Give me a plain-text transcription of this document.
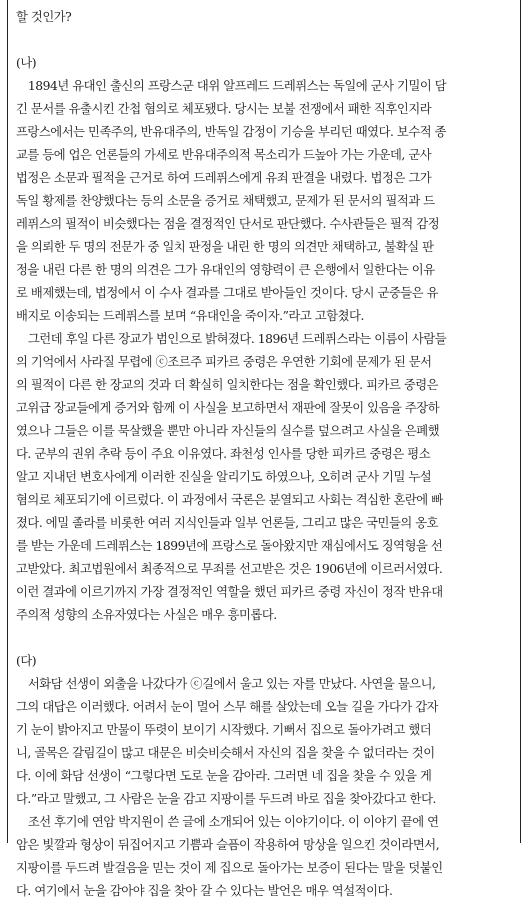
할 것인가?
(나)
　1894년 유대인 출신의 프랑스군 대위 알프레드 드레퓌스는 독일에 군사 기밀이 담
긴 문서를 유출시킨 간첩 혐의로 체포됐다. 당시는 보불 전쟁에서 패한 직후인지라
프랑스에서는 민족주의, 반유대주의, 반독일 감정이 기승을 부리던 때였다. 보수적 종
교를 등에 업은 언론들의 가세로 반유대주의적 목소리가 드높아 가는 가운데, 군사
법정은 소문과 필적을 근거로 하여 드레퓌스에게 유죄 판결을 내렸다. 법정은 그가
독일 황제를 찬양했다는 등의 소문을 증거로 채택했고, 문제가 된 문서의 필적과 드
레퓌스의 필적이 비슷했다는 점을 결정적인 단서로 판단했다. 수사관들은 필적 감정
을 의뢰한 두 명의 전문가 중 일치 판정을 내린 한 명의 의견만 채택하고, 불확실 판
정을 내린 다른 한 명의 의견은 그가 유대인의 영향력이 큰 은행에서 일한다는 이유
로 배제했는데, 법정에서 이 수사 결과를 그대로 받아들인 것이다. 당시 군중들은 유
배지로 이송되는 드레퓌스를 보며 “유대인을 죽이자.”라고 고함쳤다.
　그런데 후일 다른 장교가 범인으로 밝혀졌다. 1896년 드레퓌스라는 이름이 사람들
의 기억에서 사라질 무렵에 ⓒ조르주 피카르 중령은 우연한 기회에 문제가 된 문서
의 필적이 다른 한 장교의 것과 더 확실히 일치한다는 점을 확인했다. 피카르 중령은
고위급 장교들에게 증거와 함께 이 사실을 보고하면서 재판에 잘못이 있음을 주장하
였으나 그들은 이를 묵살했을 뿐만 아니라 자신들의 실수를 덮으려고 사실을 은폐했
다. 군부의 권위 추락 등이 주요 이유였다. 좌천성 인사를 당한 피카르 중령은 평소
알고 지내던 변호사에게 이러한 진실을 알리기도 하였으나, 오히려 군사 기밀 누설
혐의로 체포되기에 이르렀다. 이 과정에서 국론은 분열되고 사회는 격심한 혼란에 빠
졌다. 에밀 졸라를 비롯한 여러 지식인들과 일부 언론들, 그리고 많은 국민들의 옹호
를 받는 가운데 드레퓌스는 1899년에 프랑스로 돌아왔지만 재심에서도 징역형을 선
고받았다. 최고법원에서 최종적으로 무죄를 선고받은 것은 1906년에 이르러서였다.
이런 결과에 이르기까지 가장 결정적인 역할을 했던 피카르 중령 자신이 정작 반유대
주의적 성향의 소유자였다는 사실은 매우 흥미롭다.
(다)
　서화담 선생이 외출을 나갔다가 ⓒ길에서 울고 있는 자를 만났다. 사연을 물으니,
그의 대답은 이러했다. 어려서 눈이 멀어 스무 해를 살았는데 오늘 길을 가다가 갑자
기 눈이 밝아지고 만물이 뚜렷이 보이기 시작했다. 기뻐서 집으로 돌아가려고 했더
니, 골목은 갈림길이 많고 대문은 비슷비슷해서 자신의 집을 찾을 수 없더라는 것이
다. 이에 화담 선생이 “그렇다면 도로 눈을 감아라. 그러면 네 집을 찾을 수 있을 게
다.”라고 말했고, 그 사람은 눈을 감고 지팡이를 두드려 바로 집을 찾아갔다고 한다.
　조선 후기에 연암 박지원이 쓴 글에 소개되어 있는 이야기이다. 이 이야기 끝에 연
암은 빛깔과 형상이 뒤집어지고 기쁨과 슬픔이 작용하여 망상을 일으킨 것이라면서,
지팡이를 두드려 발걸음을 믿는 것이 제 집으로 돌아가는 보증이 된다는 말을 덧붙인
다. 여기에서 눈을 감아야 집을 찾아 갈 수 있다는 발언은 매우 역설적이다.
